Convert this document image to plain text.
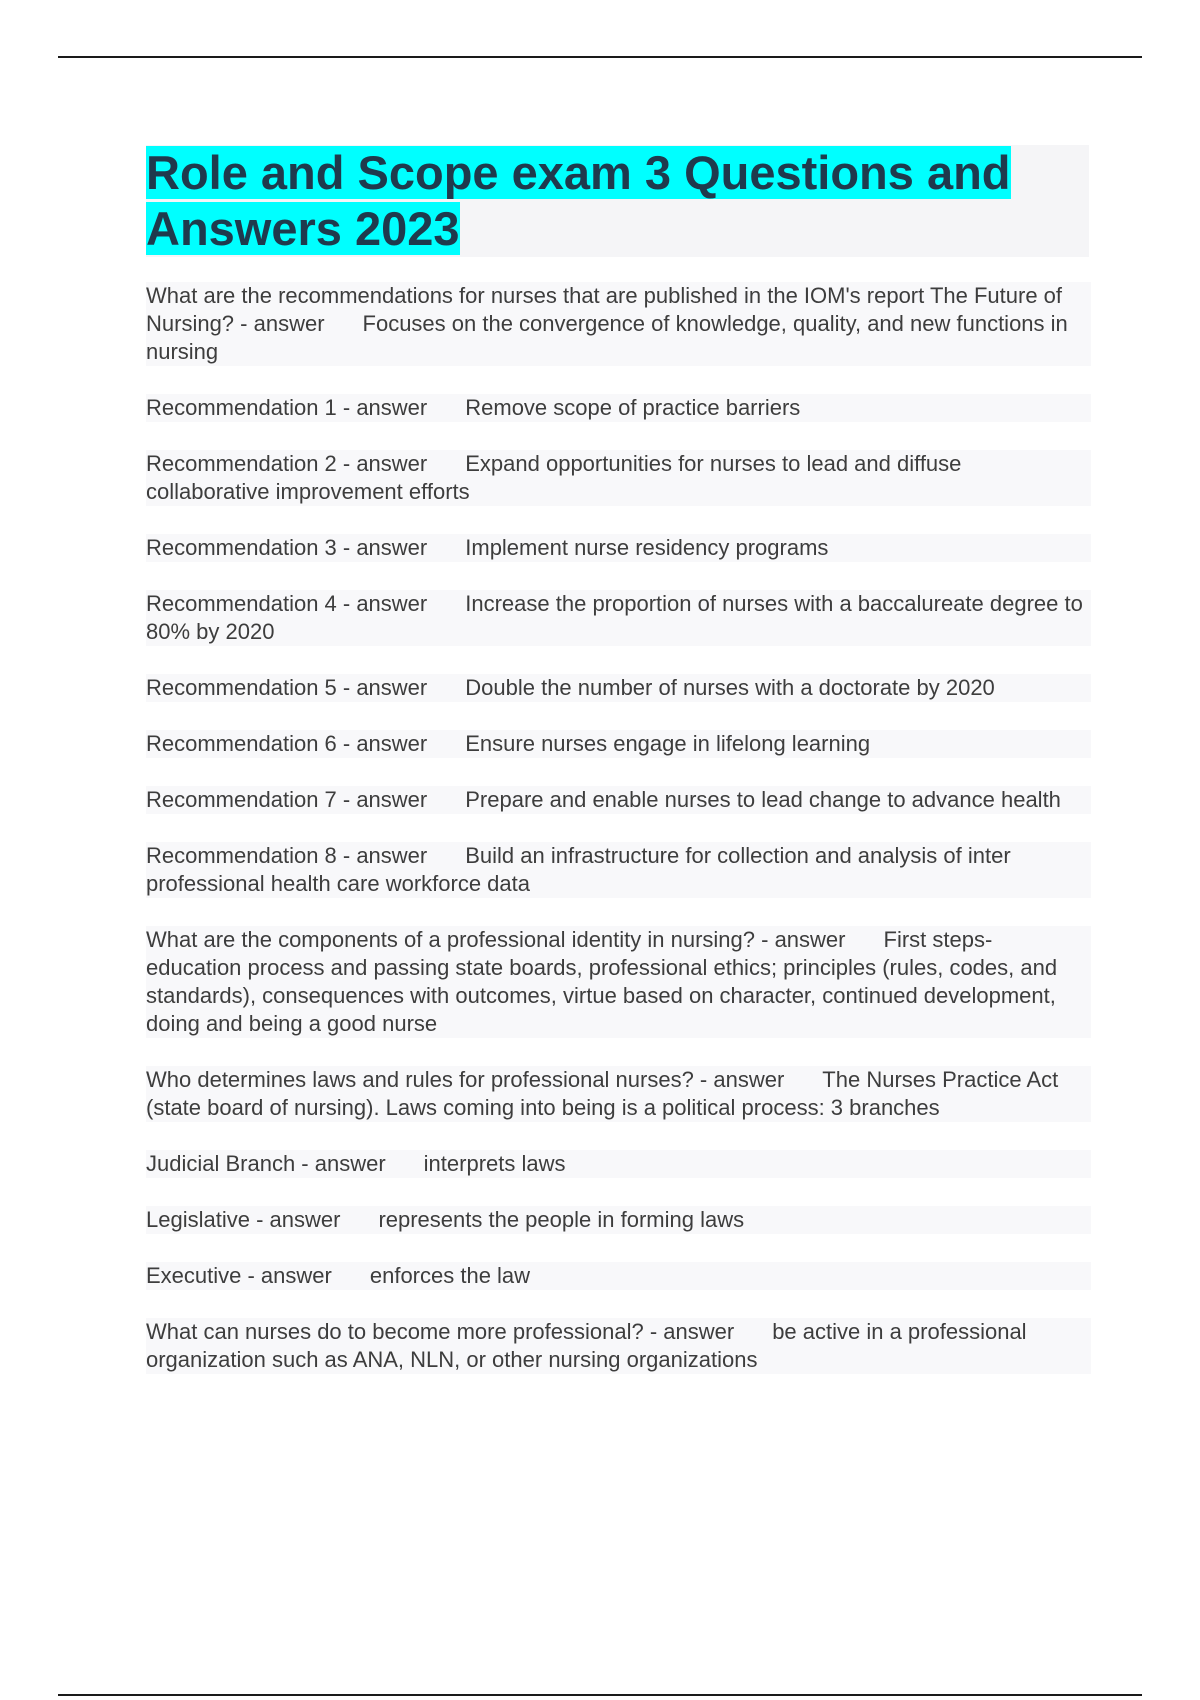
Role and Scope exam 3 Questions and Answers 2023

What are the recommendations for nurses that are published in the IOM's report The Future of Nursing? - answer Focuses on the convergence of knowledge, quality, and new functions in nursing

Recommendation 1 - answer Remove scope of practice barriers

Recommendation 2 - answer Expand opportunities for nurses to lead and diffuse collaborative improvement efforts

Recommendation 3 - answer Implement nurse residency programs

Recommendation 4 - answer Increase the proportion of nurses with a baccalureate degree to 80% by 2020

Recommendation 5 - answer Double the number of nurses with a doctorate by 2020

Recommendation 6 - answer Ensure nurses engage in lifelong learning

Recommendation 7 - answer Prepare and enable nurses to lead change to advance health

Recommendation 8 - answer Build an infrastructure for collection and analysis of inter professional health care workforce data

What are the components of a professional identity in nursing? - answer First steps- education process and passing state boards, professional ethics; principles (rules, codes, and standards), consequences with outcomes, virtue based on character, continued development, doing and being a good nurse

Who determines laws and rules for professional nurses? - answer The Nurses Practice Act (state board of nursing). Laws coming into being is a political process: 3 branches

Judicial Branch - answer interprets laws

Legislative - answer represents the people in forming laws

Executive - answer enforces the law

What can nurses do to become more professional? - answer be active in a professional organization such as ANA, NLN, or other nursing organizations
